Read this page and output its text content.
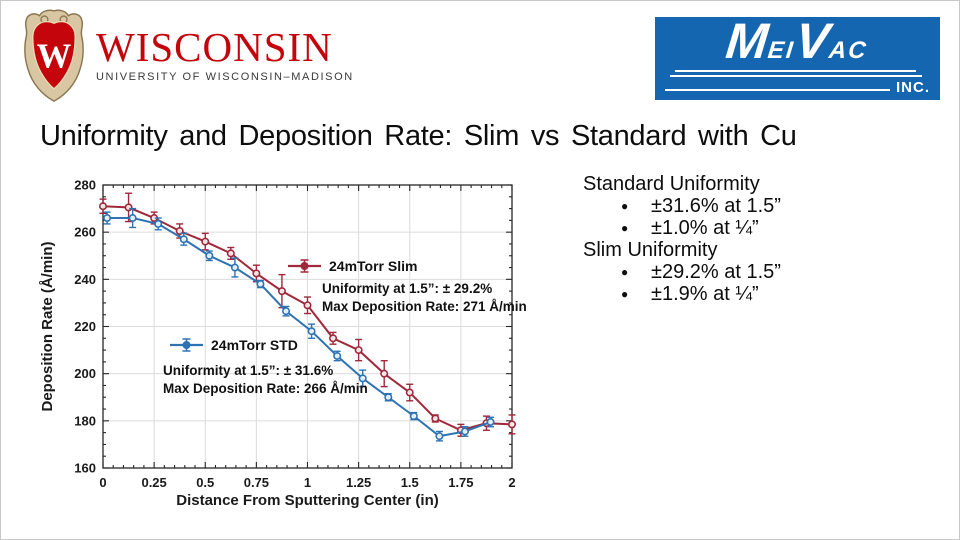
W WISCONSIN
UNIVERSITY OF WISCONSIN–MADISON
M
EI
V
AC
INC.
Uniformity and Deposition Rate: Slim vs Standard with Cu
0	0.25 0.5 0.75	1	1.25 1.5 1.75	2
160
180
200
220
240
260
280
Distance From Sputtering Center (in)
Deposition Rate (Å/min)	24mTorr Slim
Uniformity at 1.5”: ± 29.2%
Max Deposition Rate: 271 Å/min
24mTorr STD
Uniformity at 1.5”: ± 31.6%
Max Deposition Rate: 266 Å/min
Standard Uniformity
●	±31.6% at 1.5”
●	±1.0% at ¼”
Slim Uniformity
●	±29.2% at 1.5”
●	±1.9% at ¼”
